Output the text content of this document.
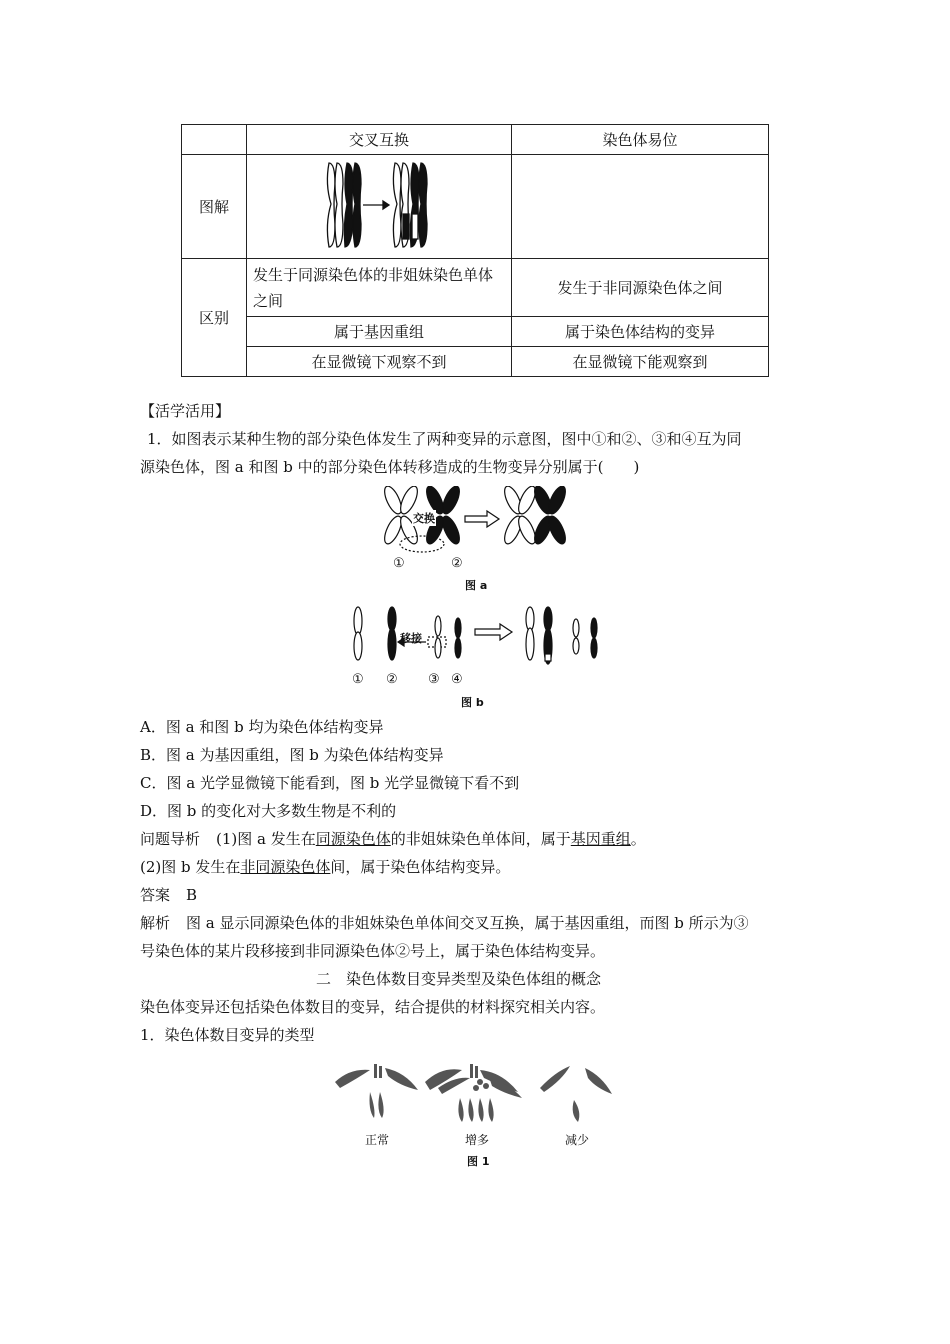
	交叉互换	染色体易位
图解		
区别	发生于同源染色体的非姐妹染色单体之间	发生于非同源染色体之间
	属于基因重组	属于染色体结构的变异
	在显微镜下观察不到	在显微镜下能观察到
【活学活用】
1．如图表示某种生物的部分染色体发生了两种变异的示意图，图中①和②、③和④互为同
源染色体，图 a 和图 b 中的部分染色体转移造成的生物变异分别属于(　　)
交换
①	②
图 a
移接
① ② ③ ④
图 b
A．图 a 和图 b 均为染色体结构变异
B．图 a 为基因重组，图 b 为染色体结构变异
C．图 a 光学显微镜下能看到，图 b 光学显微镜下看不到
D．图 b 的变化对大多数生物是不利的
问题导析 (1)图 a 发生在同源染色体的非姐妹染色单体间，属于基因重组。
(2)图 b 发生在非同源染色体间，属于染色体结构变异。
答案 B
解析 图 a 显示同源染色体的非姐妹染色单体间交叉互换，属于基因重组，而图 b 所示为③
号染色体的某片段移接到非同源染色体②号上，属于染色体结构变异。
二　染色体数目变异类型及染色体组的概念
染色体变异还包括染色体数目的变异，结合提供的材料探究相关内容。
1．染色体数目变异的类型
正常	增多	减少
图 1
